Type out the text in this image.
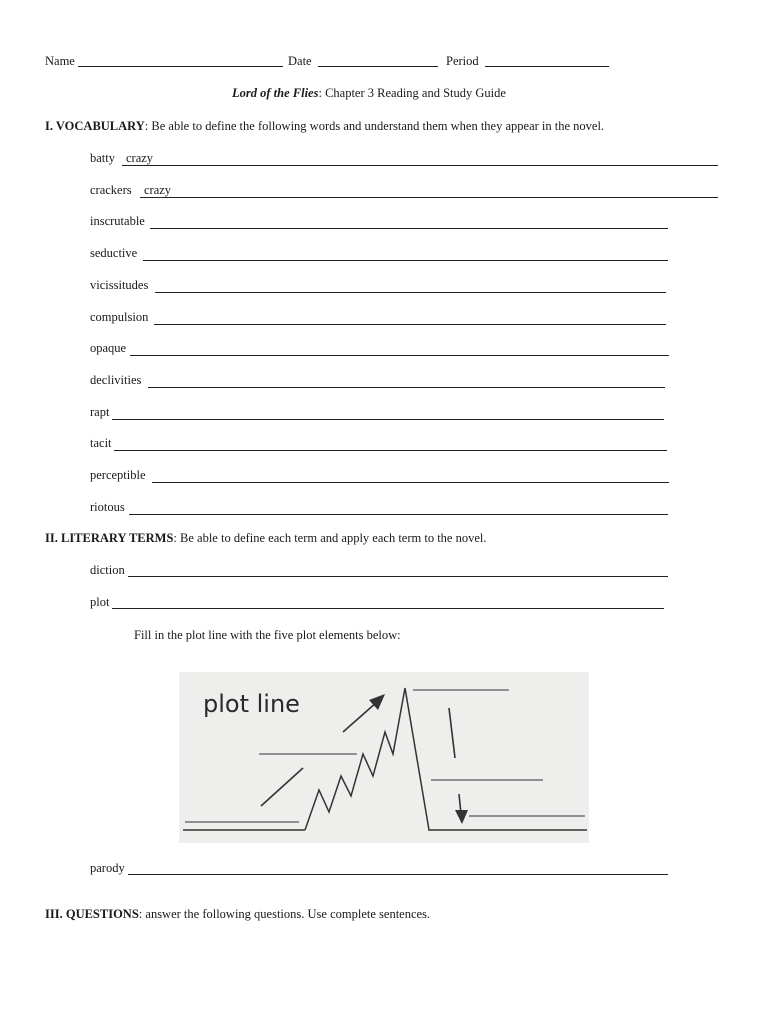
Name	Date	Period
Lord of the Flies: Chapter 3 Reading and Study Guide
I. VOCABULARY: Be able to define the following words and understand them when they appear in the novel.
batty crazy
crackers crazy
inscrutable
seductive
vicissitudes
compulsion
opaque
declivities
rapt
tacit
perceptible
riotous
II. LITERARY TERMS: Be able to define each term and apply each term to the novel.
diction
plot
Fill in the plot line with the five plot elements below:
plot line
parody
III. QUESTIONS: answer the following questions. Use complete sentences.
